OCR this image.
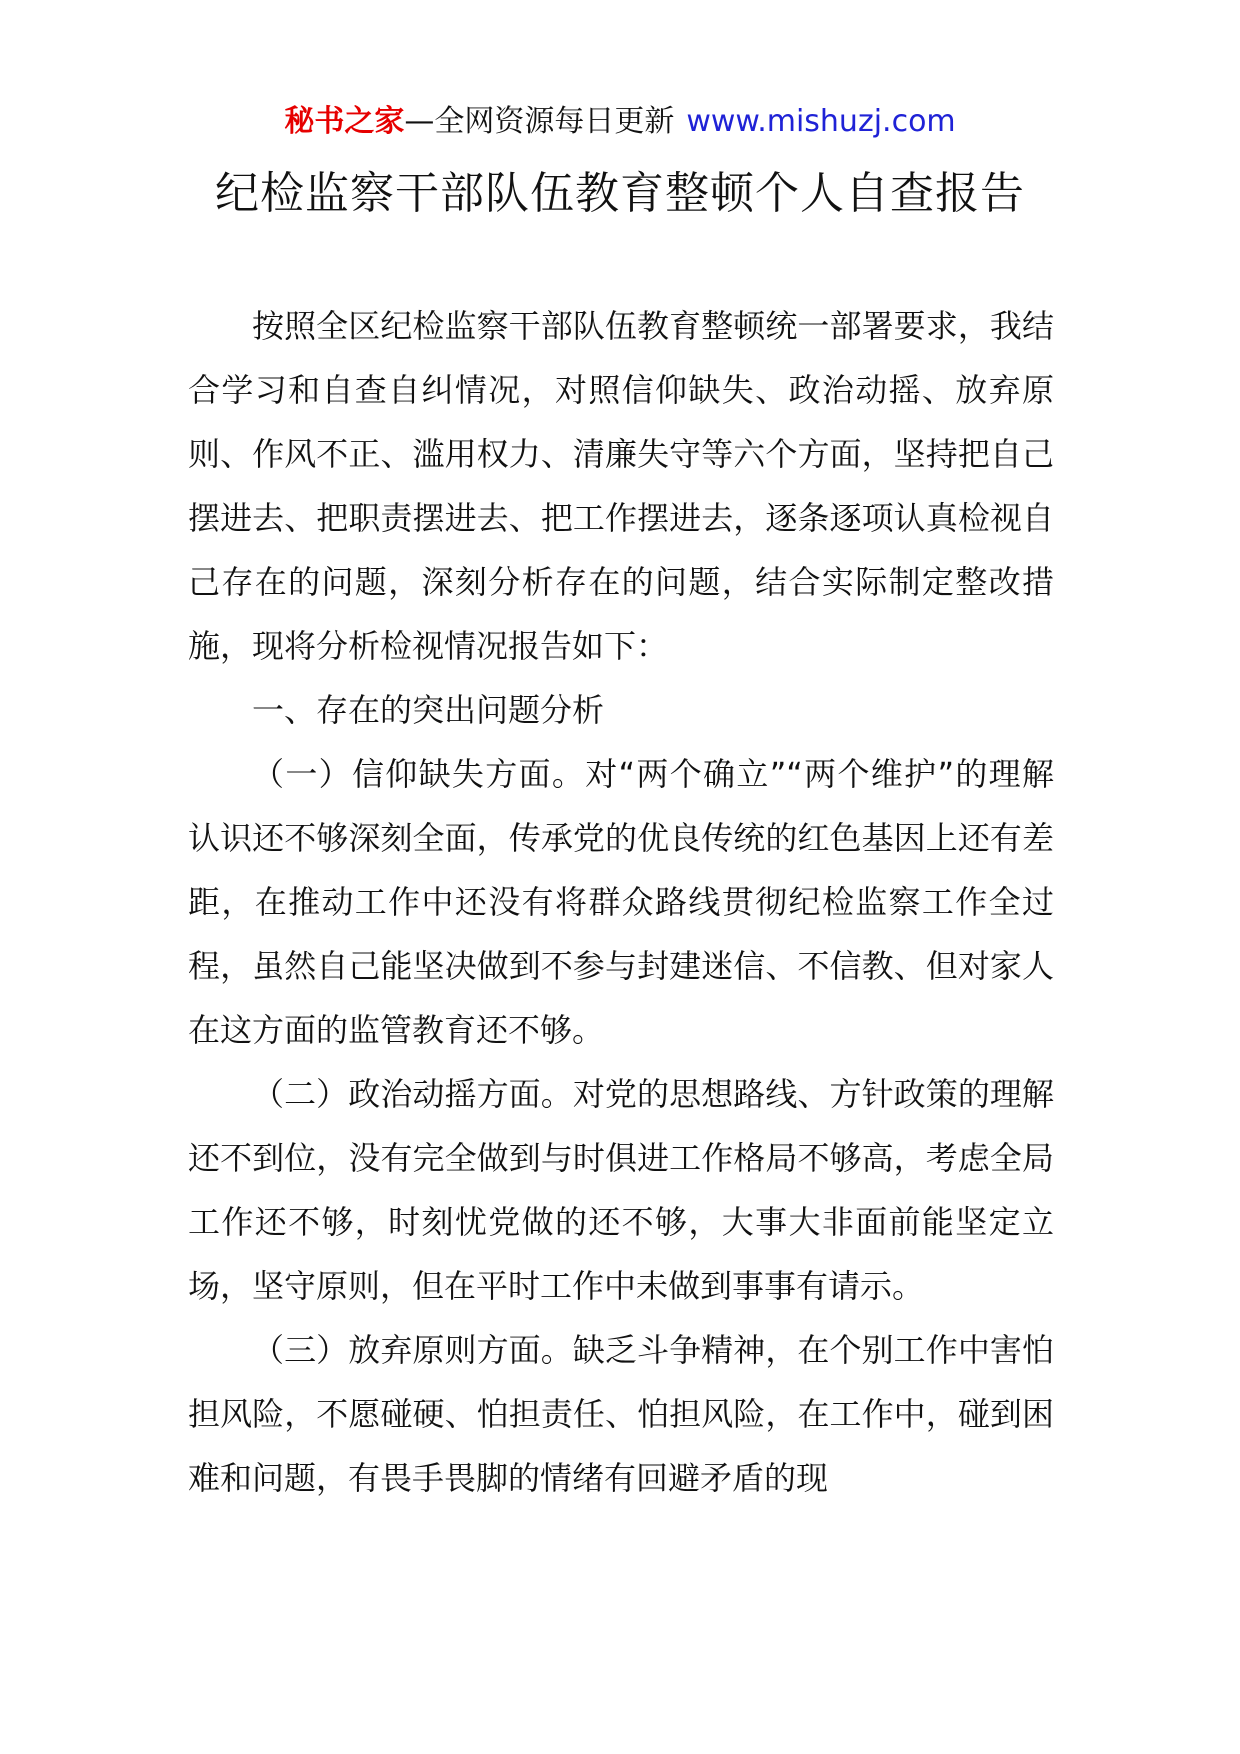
秘书之家—全网资源每日更新 www.mishuzj.com
纪检监察干部队伍教育整顿个人自查报告

按照全区纪检监察干部队伍教育整顿统一部署要求，我结合学习和自查自纠情况，对照信仰缺失、政治动摇、放弃原则、作风不正、滥用权力、清廉失守等六个方面，坚持把自己摆进去、把职责摆进去、把工作摆进去，逐条逐项认真检视自己存在的问题，深刻分析存在的问题，结合实际制定整改措施，现将分析检视情况报告如下：

一、存在的突出问题分析

（一）信仰缺失方面。对“两个确立”“两个维护”的理解认识还不够深刻全面，传承党的优良传统的红色基因上还有差距，在推动工作中还没有将群众路线贯彻纪检监察工作全过程，虽然自己能坚决做到不参与封建迷信、不信教、但对家人在这方面的监管教育还不够。

（二）政治动摇方面。对党的思想路线、方针政策的理解还不到位，没有完全做到与时俱进工作格局不够高，考虑全局工作还不够，时刻忧党做的还不够，大事大非面前能坚定立场，坚守原则，但在平时工作中未做到事事有请示。

（三）放弃原则方面。缺乏斗争精神，在个别工作中害怕担风险，不愿碰硬、怕担责任、怕担风险，在工作中，碰到困难和问题，有畏手畏脚的情绪有回避矛盾的现
